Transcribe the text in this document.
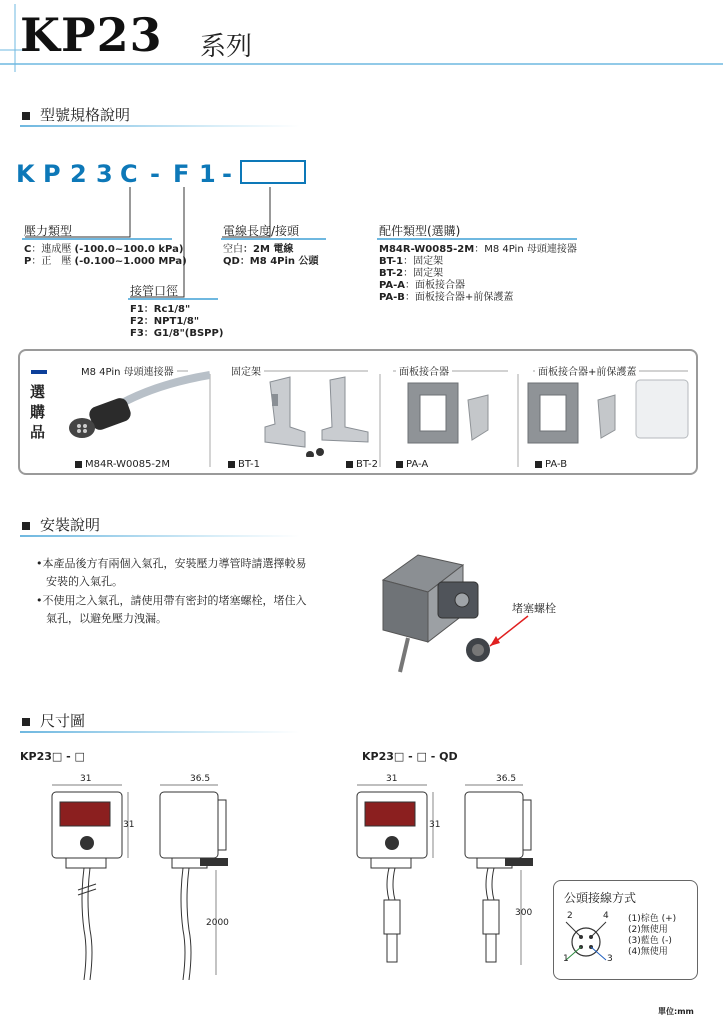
KP23 系列
型號規格說明
K P 2 3 C - F 1 -
壓力類型
C：連成壓 (-100.0~100.0 kPa)
P：正　壓 (-0.100~1.000 MPa)
接管口徑
F1：Rc1/8"
F2：NPT1/8"
F3：G1/8"(BSPP)
電線長度/接頭
空白：2M 電線
QD：M8 4Pin 公頭
配件類型(選購)
M84R-W0085-2M：M8 4Pin 母頭連接器
BT-1：固定架
BT-2：固定架
PA-A：面板接合器
PA-B：面板接合器+前保護蓋
選
購
品
M8 4Pin 母頭連接器	固定架	面板接合器	面板接合器+前保護蓋
M84R-W0085-2M	BT-1	BT-2	PA-A	PA-B
安裝說明
•本產品後方有兩個入氣孔，安裝壓力導管時請選擇較易
安裝的入氣孔。
•不使用之入氣孔，請使用帶有密封的堵塞螺栓，堵住入
氣孔，以避免壓力洩漏。
堵塞螺栓
尺寸圖
KP23□ - □	KP23□ - □ - QD
31
31
36.5
2000
31
31
36.5
300
公頭接線方式
2	4
1	3
(1)棕色 (+)
(2)無使用
(3)藍色 (-)
(4)無使用
單位:mm
